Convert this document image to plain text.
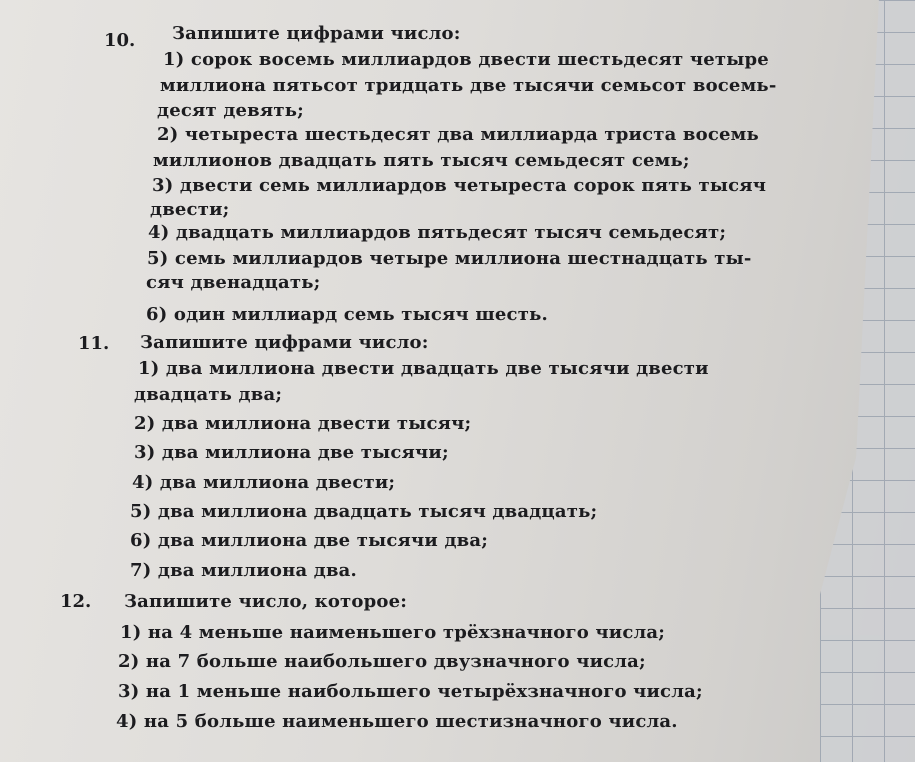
10. Запишите цифрами число:
1) сорок восемь миллиардов двести шестьдесят четыре
миллиона пятьсот тридцать две тысячи семьсот восемь-
десят девять;
2) четыреста шестьдесят два миллиарда триста восемь
миллионов двадцать пять тысяч семьдесят семь;
3) двести семь миллиардов четыреста сорок пять тысяч
двести;
4) двадцать миллиардов пятьдесят тысяч семьдесят;
5) семь миллиардов четыре миллиона шестнадцать ты-
сяч двенадцать;
6) один миллиард семь тысяч шесть.
11. Запишите цифрами число:
1) два миллиона двести двадцать две тысячи двести
двадцать два;
2) два миллиона двести тысяч;
3) два миллиона две тысячи;
4) два миллиона двести;
5) два миллиона двадцать тысяч двадцать;
6) два миллиона две тысячи два;
7) два миллиона два.
12. Запишите число, которое:
1) на 4 меньше наименьшего трёхзначного числа;
2) на 7 больше наибольшего двузначного числа;
3) на 1 меньше наибольшего четырёхзначного числа;
4) на 5 больше наименьшего шестизначного числа.
